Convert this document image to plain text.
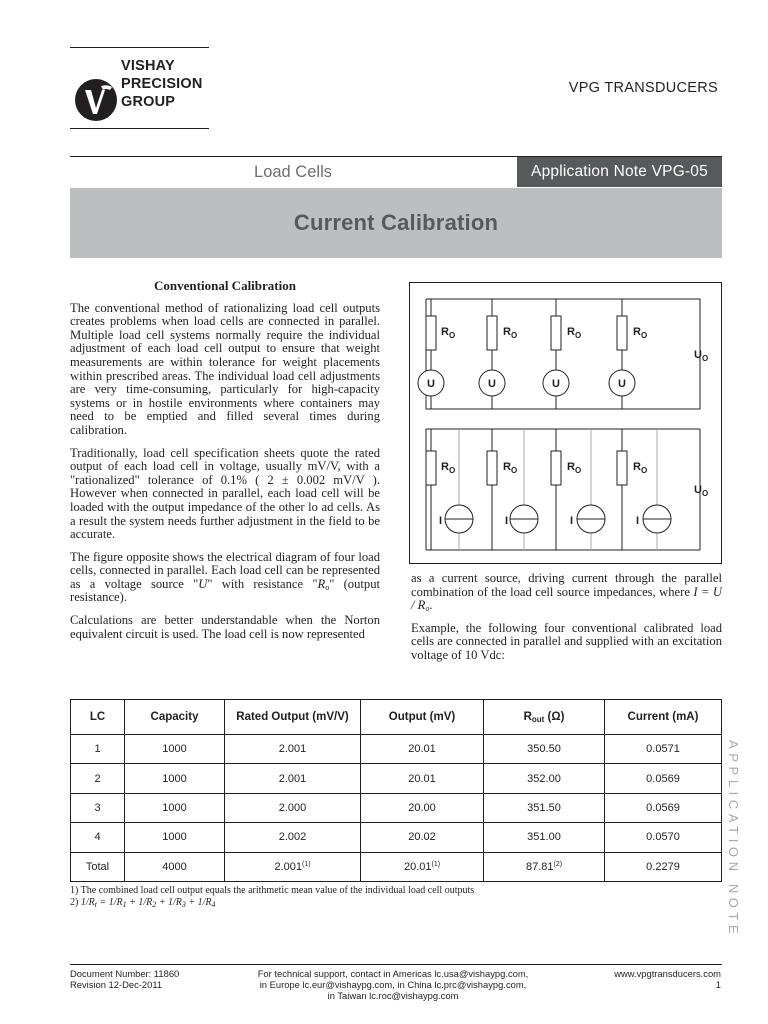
VISHAY
PRECISION
GROUP
VPG TRANSDUCERS
Load Cells	Application Note VPG-05
Current Calibration
Conventional Calibration

The conventional method of rationalizing load cell outputs creates problems when load cells are connected in parallel. Multiple load cell systems normally require the individual adjustment of each load cell output to ensure that weight measurements are within tolerance for weight placements within prescribed areas. The individual load cell adjustments are very time-consuming, particularly for high-capacity systems or in hostile environments where containers may need to be emptied and filled several times during calibration.

Traditionally, load cell specification sheets quote the rated output of each load cell in voltage, usually mV/V, with a "rationalized" tolerance of 0.1% ( 2 ± 0.002 mV/V ). However when connected in parallel, each load cell will be loaded with the output impedance of the other lo ad cells. As a result the system needs further adjustment in the field to be accurate.

The figure opposite shows the electrical diagram of four load cells, connected in parallel. Each load cell can be represented as a voltage source "U" with resistance "$R_o$" (output resistance).

Calculations are better understandable when the Norton equivalent circuit is used. The load cell is now represented

$R_O$	$R_O$	$R_O$	$R_O$
U	U	U	U
$U_O$
$R_O$	$R_O$	$R_O$	$R_O$
I	I	I	I
$U_O$

as a current source, driving current through the parallel combination of the load cell source impedances, where $I = U / R_o$.

Example, the following four conventional calibrated load cells are connected in parallel and supplied with an excitation voltage of 10 Vdc:

LC	Capacity	Rated Output (mV/V)	Output (mV)	$R_{out}$ (Ω)	Current (mA)
1	1000	2.001	20.01	350.50	0.0571
2	1000	2.001	20.01	352.00	0.0569
3	1000	2.000	20.00	351.50	0.0569
4	1000	2.002	20.02	351.00	0.0570
Total	4000	2.001$^{(1)}$	20.01$^{(1)}$	87.81$^{(2)}$	0.2279
1) The combined load cell output equals the arithmetic mean value of the individual load cell outputs
2) $1/R_t = 1/R_1 + 1/R_2 + 1/R_3 + 1/R_4$	APPLICATION NOTE
Document Number: 11860
Revision 12-Dec-2011
For technical support, contact in Americas lc.usa@vishaypg.com,
in Europe lc.eur@vishaypg.com, in China lc.prc@vishaypg.com,
in Taiwan lc.roc@vishaypg.com
www.vpgtransducers.com
1
